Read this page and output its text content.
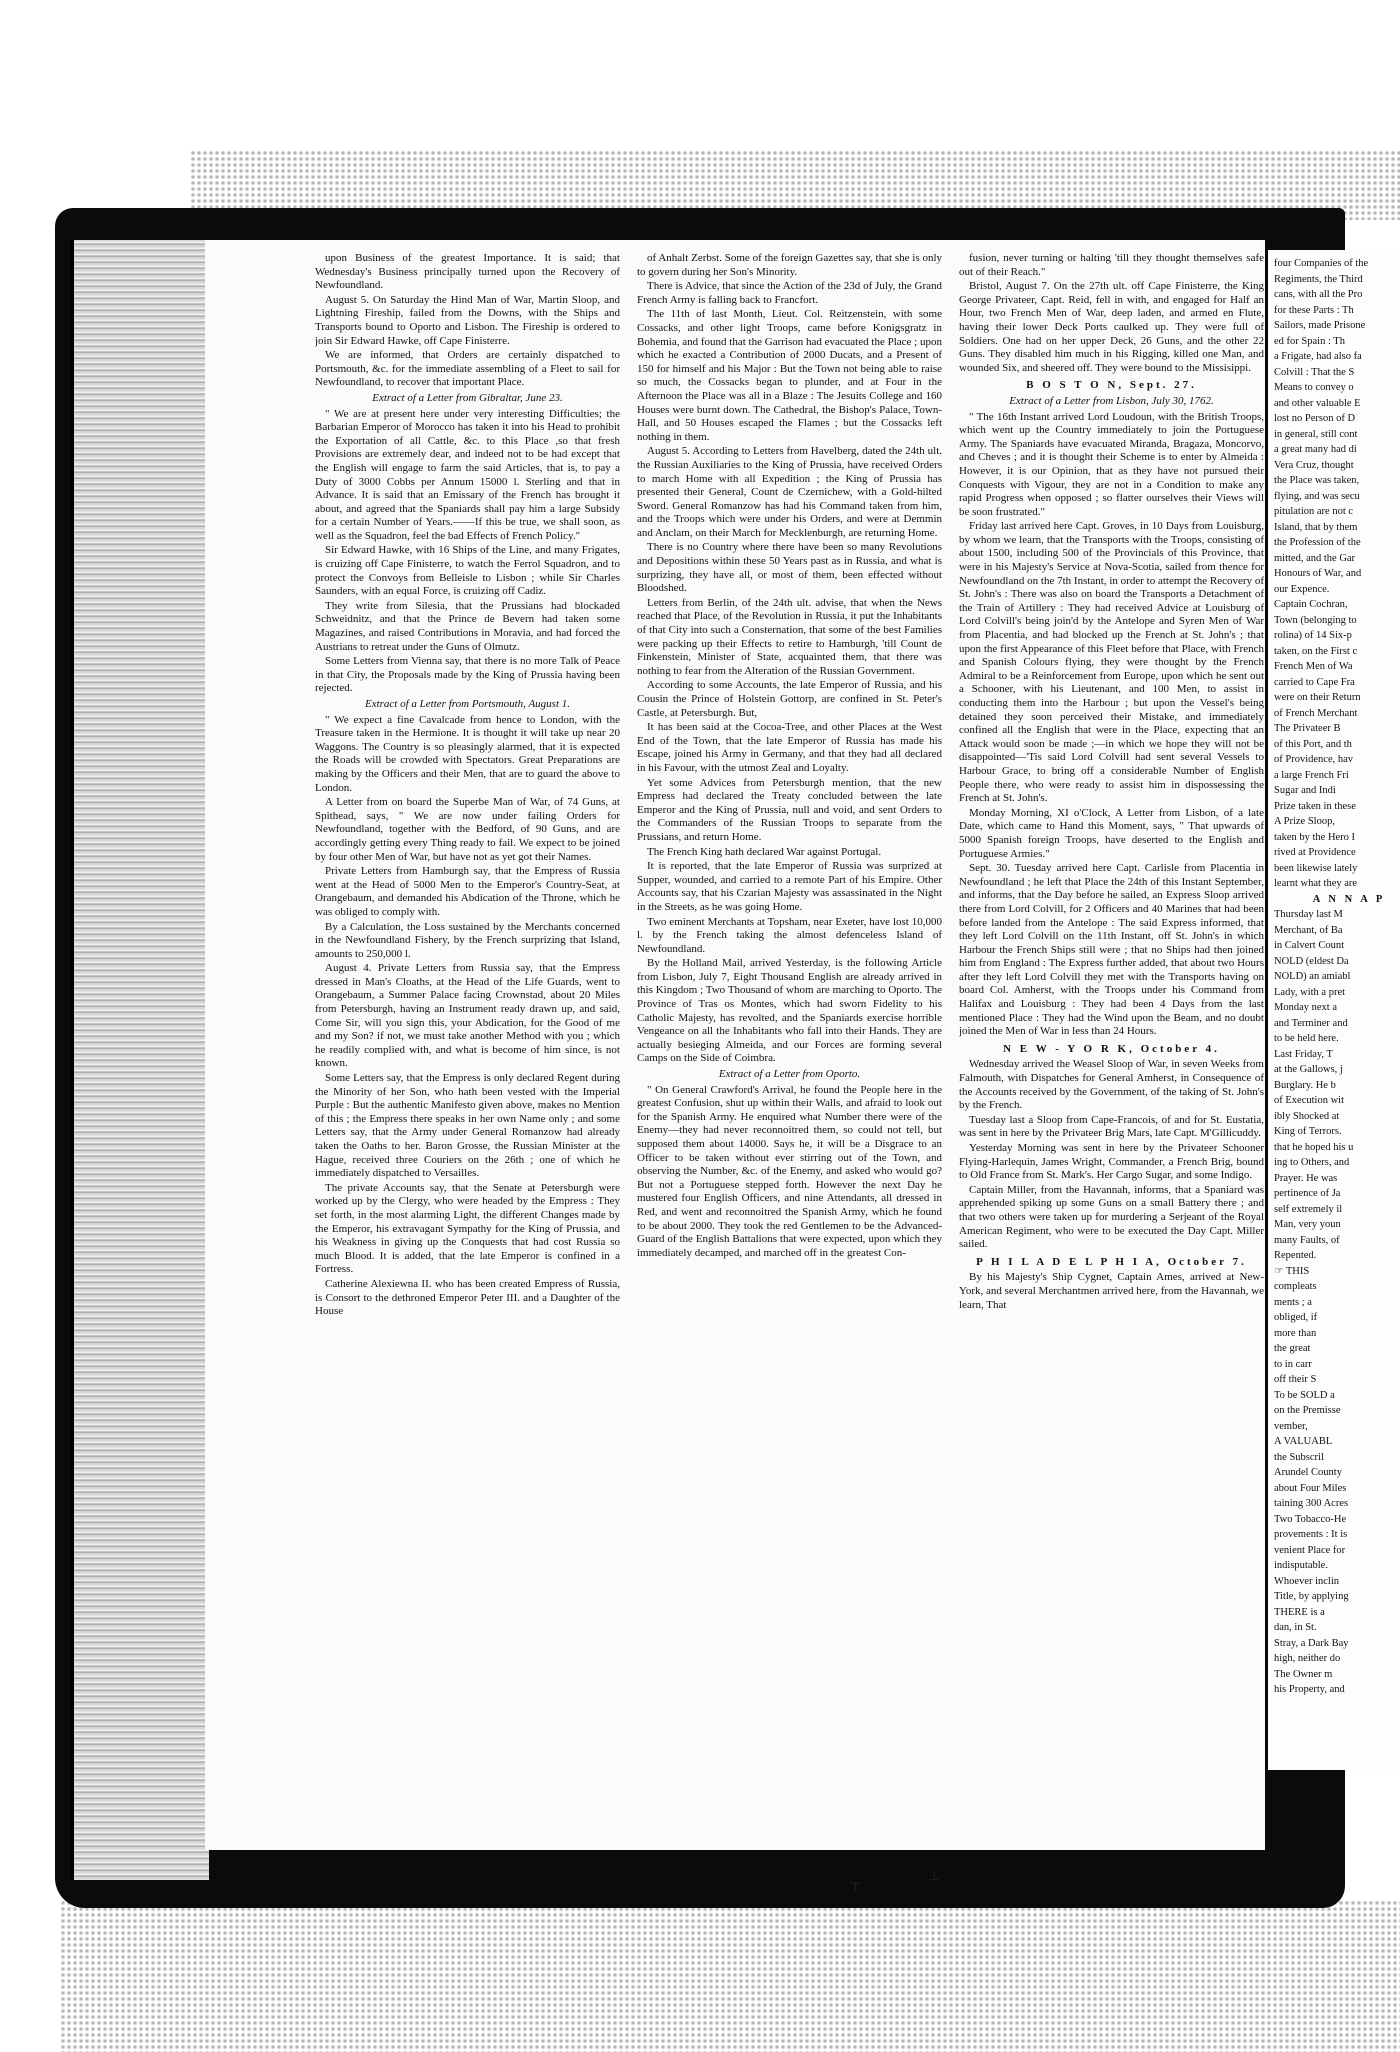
upon Business of the greatest Importance. It is said; that Wednesday's Business principally turned upon the Recovery of Newfoundland.

August 5. On Saturday the Hind Man of War, Martin Sloop, and Lightning Fireship, failed from the Downs, with the Ships and Transports bound to Oporto and Lisbon. The Fireship is ordered to join Sir Edward Hawke, off Cape Finisterre.

We are informed, that Orders are certainly dispatched to Portsmouth, &c. for the immediate assembling of a Fleet to sail for Newfoundland, to recover that important Place.

Extract of a Letter from Gibraltar, June 23.

" We are at present here under very interesting Difficulties; the Barbarian Emperor of Morocco has taken it into his Head to prohibit the Exportation of all Cattle, &c. to this Place ,so that fresh Provisions are extremely dear, and indeed not to be had except that the English will engage to farm the said Articles, that is, to pay a Duty of 3000 Cobbs per Annum 15000 l. Sterling and that in Advance. It is said that an Emissary of the French has brought it about, and agreed that the Spaniards shall pay him a large Subsidy for a certain Number of Years.——If this be true, we shall soon, as well as the Squadron, feel the bad Effects of French Policy."

Sir Edward Hawke, with 16 Ships of the Line, and many Frigates, is cruizing off Cape Finisterre, to watch the Ferrol Squadron, and to protect the Convoys from Belleisle to Lisbon ; while Sir Charles Saunders, with an equal Force, is cruizing off Cadiz.

They write from Silesia, that the Prussians had blockaded Schweidnitz, and that the Prince de Bevern had taken some Magazines, and raised Contributions in Moravia, and had forced the Austrians to retreat under the Guns of Olmutz.

Some Letters from Vienna say, that there is no more Talk of Peace in that City, the Proposals made by the King of Prussia having been rejected.

Extract of a Letter from Portsmouth, August 1.

" We expect a fine Cavalcade from hence to London, with the Treasure taken in the Hermione. It is thought it will take up near 20 Waggons. The Country is so pleasingly alarmed, that it is expected the Roads will be crowded with Spectators. Great Preparations are making by the Officers and their Men, that are to guard the above to London.

A Letter from on board the Superbe Man of War, of 74 Guns, at Spithead, says, " We are now under failing Orders for Newfoundland, together with the Bedford, of 90 Guns, and are accordingly getting every Thing ready to fail. We expect to be joined by four other Men of War, but have not as yet got their Names.

Private Letters from Hamburgh say, that the Empress of Russia went at the Head of 5000 Men to the Emperor's Country-Seat, at Orangebaum, and demanded his Abdication of the Throne, which he was obliged to comply with.

By a Calculation, the Loss sustained by the Merchants concerned in the Newfoundland Fishery, by the French surprizing that Island, amounts to 250,000 l.

August 4. Private Letters from Russia say, that the Empress dressed in Man's Cloaths, at the Head of the Life Guards, went to Orangebaum, a Summer Palace facing Crownstad, about 20 Miles from Petersburgh, having an Instrument ready drawn up, and said, Come Sir, will you sign this, your Abdication, for the Good of me and my Son? if not, we must take another Method with you ; which he readily complied with, and what is become of him since, is not known.

Some Letters say, that the Empress is only declared Regent during the Minority of her Son, who hath been vested with the Imperial Purple : But the authentic Manifesto given above, makes no Mention of this ; the Empress there speaks in her own Name only ; and some Letters say, that the Army under General Romanzow had already taken the Oaths to her. Baron Grosse, the Russian Minister at the Hague, received three Couriers on the 26th ; one of which he immediately dispatched to Versailles.

The private Accounts say, that the Senate at Petersburgh were worked up by the Clergy, who were headed by the Empress : They set forth, in the most alarming Light, the different Changes made by the Emperor, his extravagant Sympathy for the King of Prussia, and his Weakness in giving up the Conquests that had cost Russia so much Blood. It is added, that the late Emperor is confined in a Fortress.

Catherine Alexiewna II. who has been created Empress of Russia, is Consort to the dethroned Emperor Peter III. and a Daughter of the House

of Anhalt Zerbst. Some of the foreign Gazettes say, that she is only to govern during her Son's Minority.

There is Advice, that since the Action of the 23d of July, the Grand French Army is falling back to Francfort.

The 11th of last Month, Lieut. Col. Reitzenstein, with some Cossacks, and other light Troops, came before Konigsgratz in Bohemia, and found that the Garrison had evacuated the Place ; upon which he exacted a Contribution of 2000 Ducats, and a Present of 150 for himself and his Major : But the Town not being able to raise so much, the Cossacks began to plunder, and at Four in the Afternoon the Place was all in a Blaze : The Jesuits College and 160 Houses were burnt down. The Cathedral, the Bishop's Palace, Town-Hall, and 50 Houses escaped the Flames ; but the Cossacks left nothing in them.

August 5. According to Letters from Havelberg, dated the 24th ult. the Russian Auxiliaries to the King of Prussia, have received Orders to march Home with all Expedition ; the King of Prussia has presented their General, Count de Czernichew, with a Gold-hilted Sword. General Romanzow has had his Command taken from him, and the Troops which were under his Orders, and were at Demmin and Anclam, on their March for Mecklenburgh, are returning Home.

There is no Country where there have been so many Revolutions and Depositions within these 50 Years past as in Russia, and what is surprizing, they have all, or most of them, been effected without Bloodshed.

Letters from Berlin, of the 24th ult. advise, that when the News reached that Place, of the Revolution in Russia, it put the Inhabitants of that City into such a Consternation, that some of the best Families were packing up their Effects to retire to Hamburgh, 'till Count de Finkenstein, Minister of State, acquainted them, that there was nothing to fear from the Alteration of the Russian Government.

According to some Accounts, the late Emperor of Russia, and his Cousin the Prince of Holstein Gottorp, are confined in St. Peter's Castle, at Petersburgh. But,

It has been said at the Cocoa-Tree, and other Places at the West End of the Town, that the late Emperor of Russia has made his Escape, joined his Army in Germany, and that they had all declared in his Favour, with the utmost Zeal and Loyalty.

Yet some Advices from Petersburgh mention, that the new Empress had declared the Treaty concluded between the late Emperor and the King of Prussia, null and void, and sent Orders to the Commanders of the Russian Troops to separate from the Prussians, and return Home.

The French King hath declared War against Portugal.

It is reported, that the late Emperor of Russia was surprized at Supper, wounded, and carried to a remote Part of his Empire. Other Accounts say, that his Czarian Majesty was assassinated in the Night in the Streets, as he was going Home.

Two eminent Merchants at Topsham, near Exeter, have lost 10,000 l. by the French taking the almost defenceless Island of Newfoundland.

By the Holland Mail, arrived Yesterday, is the following Article from Lisbon, July 7, Eight Thousand English are already arrived in this Kingdom ; Two Thousand of whom are marching to Oporto. The Province of Tras os Montes, which had sworn Fidelity to his Catholic Majesty, has revolted, and the Spaniards exercise horrible Vengeance on all the Inhabitants who fall into their Hands. They are actually besieging Almeida, and our Forces are forming several Camps on the Side of Coimbra.

Extract of a Letter from Oporto.

" On General Crawford's Arrival, he found the People here in the greatest Confusion, shut up within their Walls, and afraid to look out for the Spanish Army. He enquired what Number there were of the Enemy—they had never reconnoitred them, so could not tell, but supposed them about 14000. Says he, it will be a Disgrace to an Officer to be taken without ever stirring out of the Town, and observing the Number, &c. of the Enemy, and asked who would go? But not a Portuguese stepped forth. However the next Day he mustered four English Officers, and nine Attendants, all dressed in Red, and went and reconnoitred the Spanish Army, which he found to be about 2000. They took the red Gentlemen to be the Advanced-Guard of the English Battalions that were expected, upon which they immediately decamped, and marched off in the greatest Con-

fusion, never turning or halting 'till they thought themselves safe out of their Reach."

Bristol, August 7. On the 27th ult. off Cape Finisterre, the King George Privateer, Capt. Reid, fell in with, and engaged for Half an Hour, two French Men of War, deep laden, and armed en Flute, having their lower Deck Ports caulked up. They were full of Soldiers. One had on her upper Deck, 26 Guns, and the other 22 Guns. They disabled him much in his Rigging, killed one Man, and wounded Six, and sheered off. They were bound to the Missisippi.

B O S T O N, Sept. 27.

Extract of a Letter from Lisbon, July 30, 1762.

" The 16th Instant arrived Lord Loudoun, with the British Troops, which went up the Country immediately to join the Portuguese Army. The Spaniards have evacuated Miranda, Bragaza, Moncorvo, and Cheves ; and it is thought their Scheme is to enter by Almeida : However, it is our Opinion, that as they have not pursued their Conquests with Vigour, they are not in a Condition to make any rapid Progress when opposed ; so flatter ourselves their Views will be soon frustrated."

Friday last arrived here Capt. Groves, in 10 Days from Louisburg, by whom we learn, that the Transports with the Troops, consisting of about 1500, including 500 of the Provincials of this Province, that were in his Majesty's Service at Nova-Scotia, sailed from thence for Newfoundland on the 7th Instant, in order to attempt the Recovery of St. John's : There was also on board the Transports a Detachment of the Train of Artillery : They had received Advice at Louisburg of Lord Colvill's being join'd by the Antelope and Syren Men of War from Placentia, and had blocked up the French at St. John's ; that upon the first Appearance of this Fleet before that Place, with French and Spanish Colours flying, they were thought by the French Admiral to be a Reinforcement from Europe, upon which he sent out a Schooner, with his Lieutenant, and 100 Men, to assist in conducting them into the Harbour ; but upon the Vessel's being detained they soon perceived their Mistake, and immediately confined all the English that were in the Place, expecting that an Attack would soon be made ;—in which we hope they will not be disappointed—'Tis said Lord Colvill had sent several Vessels to Harbour Grace, to bring off a considerable Number of English People there, who were ready to assist him in dispossessing the French at St. John's.

Monday Morning, XI o'Clock, A Letter from Lisbon, of a late Date, which came to Hand this Moment, says, " That upwards of 5000 Spanish foreign Troops, have deserted to the English and Portuguese Armies."

Sept. 30. Tuesday arrived here Capt. Carlisle from Placentia in Newfoundland ; he left that Place the 24th of this Instant September, and informs, that the Day before he sailed, an Express Sloop arrived there from Lord Colvill, for 2 Officers and 40 Marines that had been before landed from the Antelope : The said Express informed, that they left Lord Colvill on the 11th Instant, off St. John's in which Harbour the French Ships still were ; that no Ships had then joined him from England : The Express further added, that about two Hours after they left Lord Colvill they met with the Transports having on board Col. Amherst, with the Troops under his Command from Halifax and Louisburg : They had been 4 Days from the last mentioned Place : They had the Wind upon the Beam, and no doubt joined the Men of War in less than 24 Hours.

N E W - Y O R K, October 4.

Wednesday arrived the Weasel Sloop of War, in seven Weeks from Falmouth, with Dispatches for General Amherst, in Consequence of the Accounts received by the Government, of the taking of St. John's by the French.

Tuesday last a Sloop from Cape-Francois, of and for St. Eustatia, was sent in here by the Privateer Brig Mars, late Capt. M'Gillicuddy.

Yesterday Morning was sent in here by the Privateer Schooner Flying-Harlequin, James Wright, Commander, a French Brig, bound to Old France from St. Mark's. Her Cargo Sugar, and some Indigo.

Captain Miller, from the Havannah, informs, that a Spaniard was apprehended spiking up some Guns on a small Battery there ; and that two others were taken up for murdering a Serjeant of the Royal American Regiment, who were to be executed the Day Capt. Miller sailed.

P H I L A D E L P H I A, October 7.

By his Majesty's Ship Cygnet, Captain Ames, arrived at New-York, and several Merchantmen arrived here, from the Havannah, we learn, That

four Companies of the

Regiments, the Third

cans, with all the Pro

for these Parts : Th

Sailors, made Prisone

ed for Spain : Th

a Frigate, had also fa

Colvill : That the S

Means to convey o

and other valuable E

lost no Person of D

in general, still cont

a great many had di

Vera Cruz, thought

the Place was taken,

flying, and was secu

pitulation are not c

Island, that by them

the Profession of the

mitted, and the Gar

Honours of War, and

our Expence.

Captain Cochran,

Town (belonging to

rolina) of 14 Six-p

taken, on the First c

French Men of Wa

carried to Cape Fra

were on their Return

of French Merchant

The Privateer B

of this Port, and th

of Providence, hav

a large French Fri

Sugar and Indi

Prize taken in these

A Prize Sloop,

taken by the Hero I

rived at Providence

been likewise lately

learnt what they are

A N N A P

Thursday last M

Merchant, of Ba

in Calvert Count

NOLD (eldest Da

NOLD) an amiabl

Lady, with a pret

Monday next a

and Terminer and

to be held here.

Last Friday, T

at the Gallows, j

Burglary. He b

of Execution wit

ibly Shocked at

King of Terrors.

that he hoped his u

ing to Others, and

Prayer. He was

pertinence of Ja

self extremely il

Man, very youn

many Faults, of

Repented.

☞ THIS

compleats

ments ; a

obliged, if

more than

the great

to in carr

off their S

To be SOLD a

on the Premisse

vember,

A VALUABL

the Subscril

Arundel County

about Four Miles

taining 300 Acres

Two Tobacco-He

provements : It is

venient Place for

indisputable.

Whoever inclin

Title, by applying

THERE is a

dan, in St.

Stray, a Dark Bay

high, neither do

The Owner m

his Property, and

⊤
┴
